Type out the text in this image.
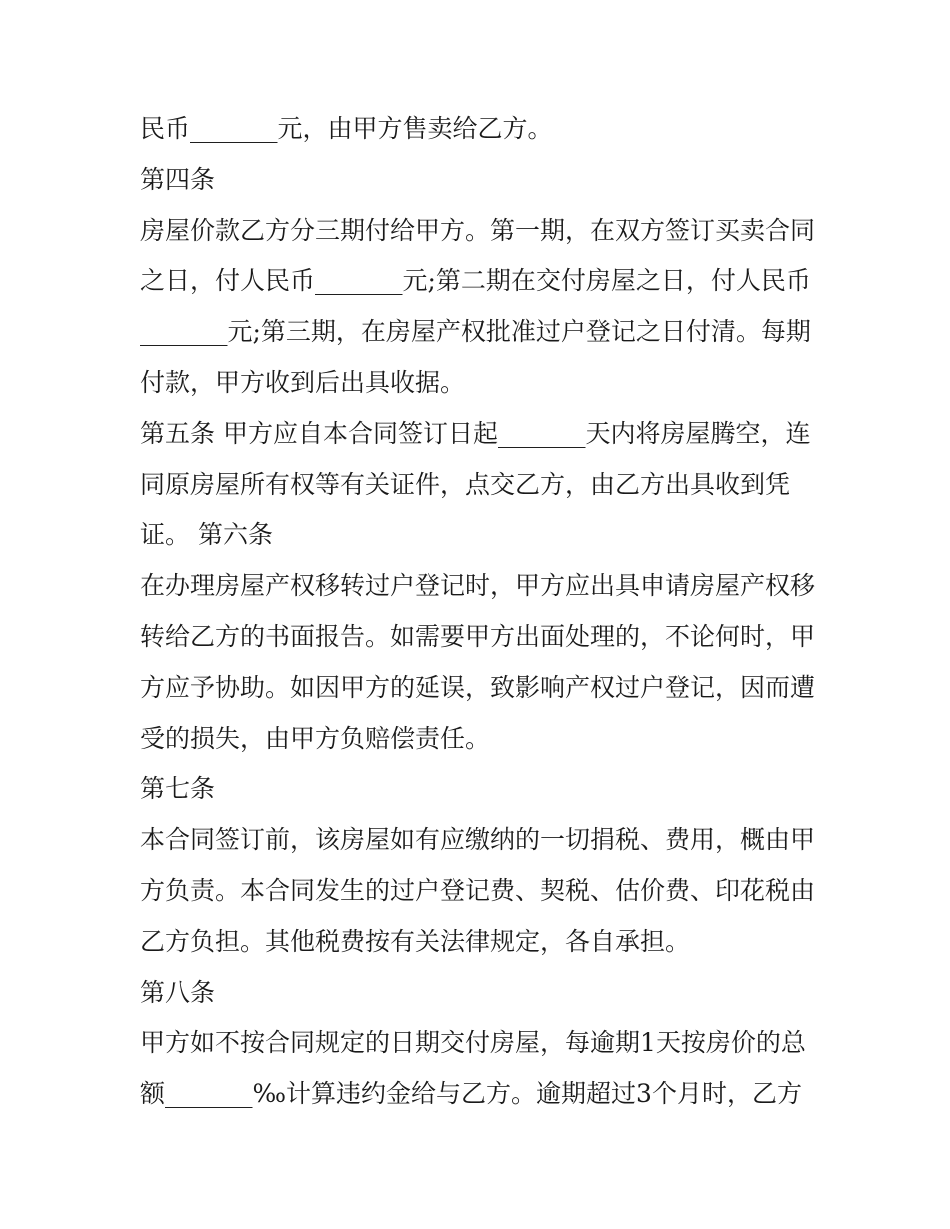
民币_______元，由甲方售卖给乙方。
第四条
房屋价款乙方分三期付给甲方。第一期，在双方签订买卖合同
之日，付人民币_______元;第二期在交付房屋之日，付人民币
_______元;第三期，在房屋产权批准过户登记之日付清。每期
付款，甲方收到后出具收据。
第五条 甲方应自本合同签订日起_______天内将房屋腾空，连
同原房屋所有权等有关证件，点交乙方，由乙方出具收到凭
证。 第六条
在办理房屋产权移转过户登记时，甲方应出具申请房屋产权移
转给乙方的书面报告。如需要甲方出面处理的，不论何时，甲
方应予协助。如因甲方的延误，致影响产权过户登记，因而遭
受的损失，由甲方负赔偿责任。
第七条
本合同签订前，该房屋如有应缴纳的一切捐税、费用，概由甲
方负责。本合同发生的过户登记费、契税、估价费、印花税由
乙方负担。其他税费按有关法律规定，各自承担。
第八条
甲方如不按合同规定的日期交付房屋，每逾期1天按房价的总
额_______‰计算违约金给与乙方。逾期超过3个月时，乙方
